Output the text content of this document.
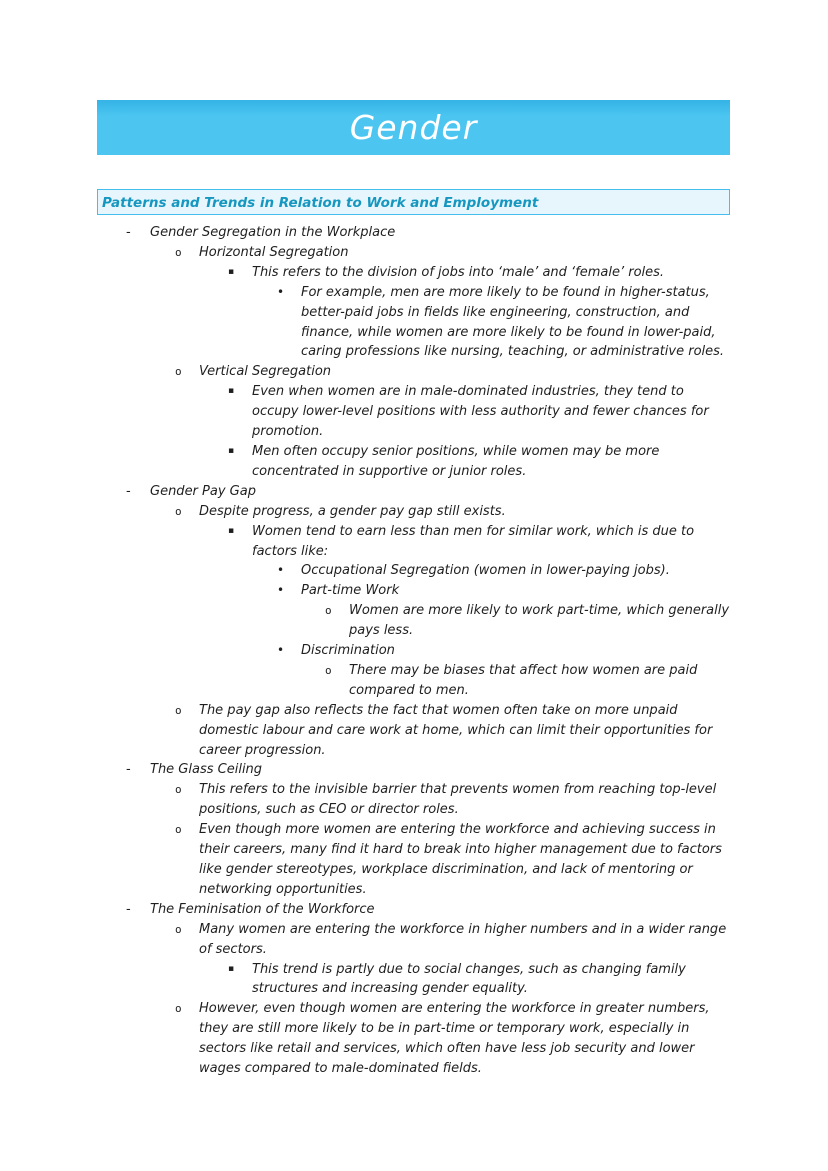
Gender
Patterns and Trends in Relation to Work and Employment
-	Gender Segregation in the Workplace
o	Horizontal Segregation
▪	This refers to the division of jobs into ‘male’ and ‘female’ roles.
•	For example, men are more likely to be found in higher-status, better-paid jobs in fields like engineering, construction, and finance, while women are more likely to be found in lower-paid, caring professions like nursing, teaching, or administrative roles.
o	Vertical Segregation
▪	Even when women are in male-dominated industries, they tend to occupy lower-level positions with less authority and fewer chances for promotion.
▪	Men often occupy senior positions, while women may be more concentrated in supportive or junior roles.
-	Gender Pay Gap
o	Despite progress, a gender pay gap still exists.
▪	Women tend to earn less than men for similar work, which is due to factors like:
•	Occupational Segregation (women in lower-paying jobs).
•	Part-time Work
o	Women are more likely to work part-time, which generally pays less.
•	Discrimination
o	There may be biases that affect how women are paid compared to men.
o	The pay gap also reflects the fact that women often take on more unpaid domestic labour and care work at home, which can limit their opportunities for career progression.
-	The Glass Ceiling
o	This refers to the invisible barrier that prevents women from reaching top-level positions, such as CEO or director roles.
o	Even though more women are entering the workforce and achieving success in their careers, many find it hard to break into higher management due to factors like gender stereotypes, workplace discrimination, and lack of mentoring or networking opportunities.
-	The Feminisation of the Workforce
o	Many women are entering the workforce in higher numbers and in a wider range of sectors.
▪	This trend is partly due to social changes, such as changing family structures and increasing gender equality.
o	However, even though women are entering the workforce in greater numbers, they are still more likely to be in part-time or temporary work, especially in sectors like retail and services, which often have less job security and lower wages compared to male-dominated fields.
